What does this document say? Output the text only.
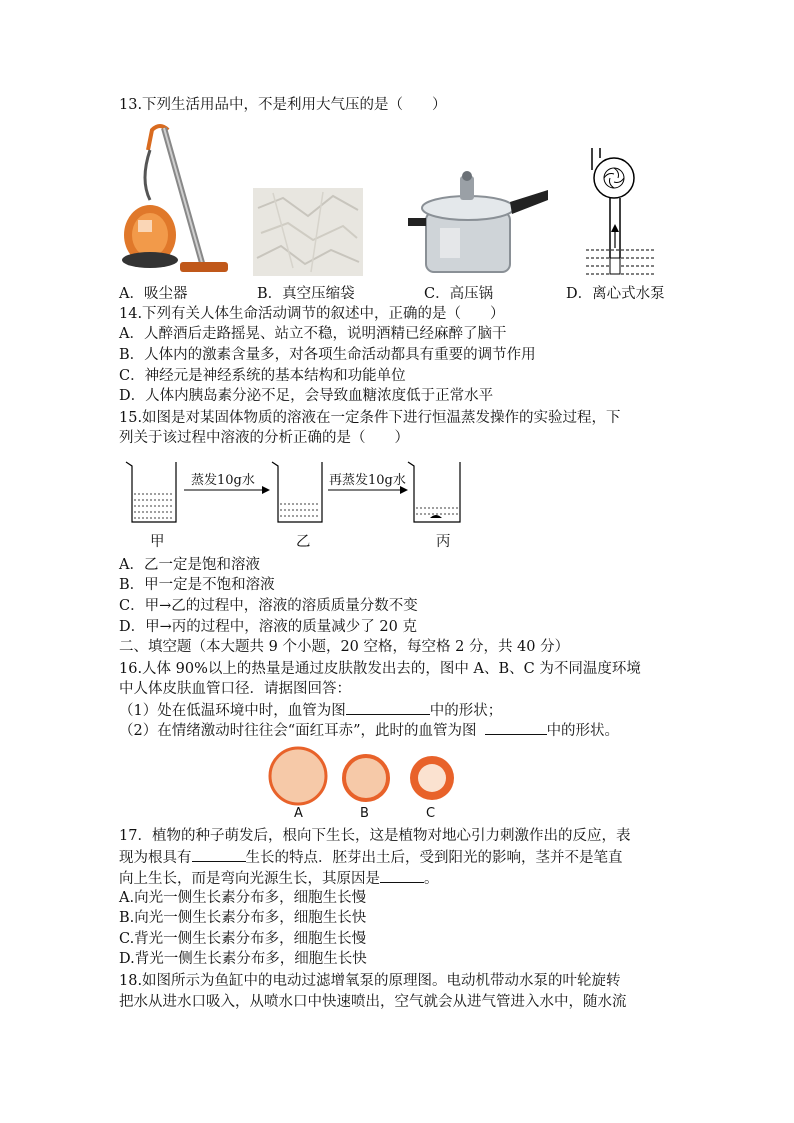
13.下列生活用品中，不是利用大气压的是（　　）
A．吸尘器	B．真空压缩袋	C．高压锅	D．离心式水泵
14.下列有关人体生命活动调节的叙述中，正确的是（　　）
A．人醉酒后走路摇晃、站立不稳，说明酒精已经麻醉了脑干
B．人体内的激素含量多，对各项生命活动都具有重要的调节作用
C．神经元是神经系统的基本结构和功能单位
D．人体内胰岛素分泌不足，会导致血糖浓度低于正常水平
15.如图是对某固体物质的溶液在一定条件下进行恒温蒸发操作的实验过程，下
列关于该过程中溶液的分析正确的是（　　）
蒸发10g水	再蒸发10g水
甲	乙	丙
A．乙一定是饱和溶液
B．甲一定是不饱和溶液
C．甲→乙的过程中，溶液的溶质质量分数不变
D．甲→丙的过程中，溶液的质量减少了 20 克
二、填空题（本大题共 9 个小题，20 空格，每空格 2 分，共 40 分）
16.人体 90%以上的热量是通过皮肤散发出去的，图中 A、B、C 为不同温度环境
中人体皮肤血管口径．请据图回答：
（1）处在低温环境中时，血管为图	中的形状；
（2）在情绪激动时往往会“面红耳赤”，此时的血管为图	中的形状。
A	B	C
17．植物的种子萌发后，根向下生长，这是植物对地心引力刺激作出的反应，表
现为根具有	生长的特点．胚芽出土后，受到阳光的影响，茎并不是笔直
向上生长，而是弯向光源生长，其原因是	。
A.向光一侧生长素分布多，细胞生长慢
B.向光一侧生长素分布多，细胞生长快
C.背光一侧生长素分布多，细胞生长慢
D.背光一侧生长素分布多，细胞生长快
18.如图所示为鱼缸中的电动过滤增氧泵的原理图。电动机带动水泵的叶轮旋转
把水从进水口吸入，从喷水口中快速喷出，空气就会从进气管进入水中，随水流
